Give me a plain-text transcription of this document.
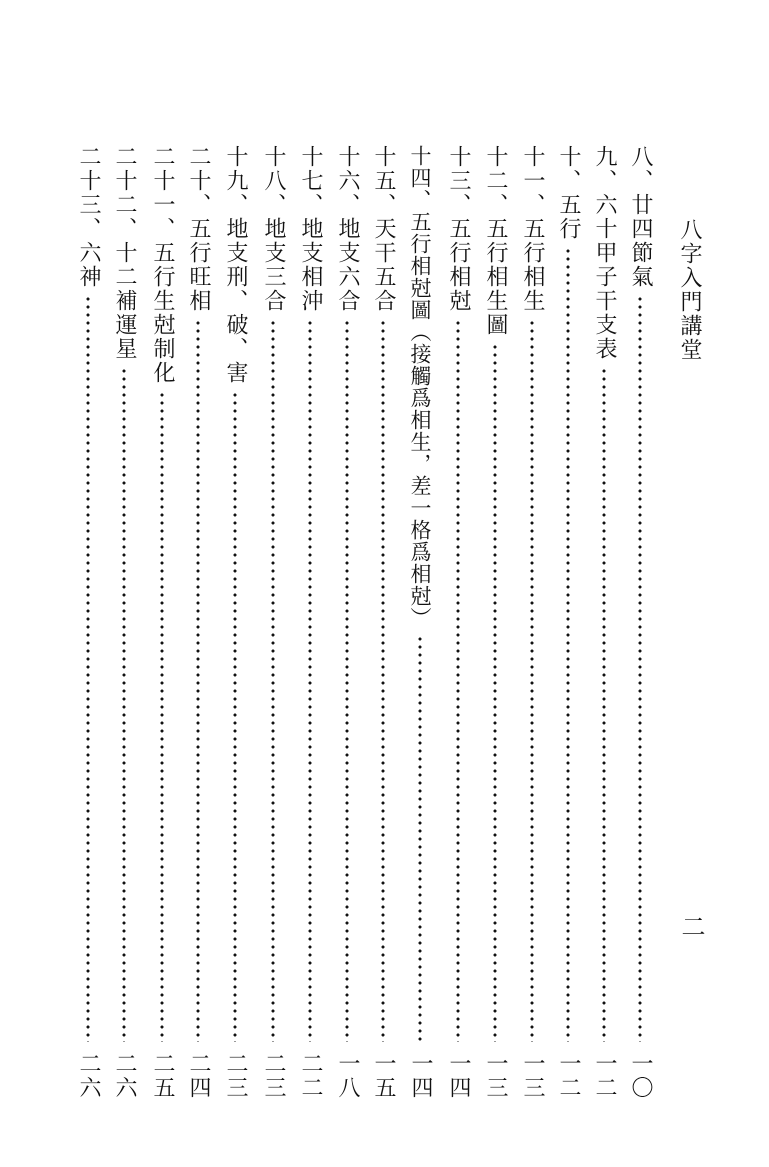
八字入門講堂
二
八、廿四節氣
一〇
九、六十甲子干支表
一二
十、五行
一二
十一、五行相生
一三
十二、五行相生圖
一三
十三、五行相尅
一四
十四、五行相尅圖（接觸爲相生，差一格爲相尅）
一四
十五、天干五合
一五
十六、地支六合
一八
十七、地支相沖
二二
十八、地支三合
二三
十九、地支刑、破、害
二三
二十、五行旺相
二四
二十一、五行生尅制化
二五
二十二、十二補運星
二六
二十三、六神
二六
